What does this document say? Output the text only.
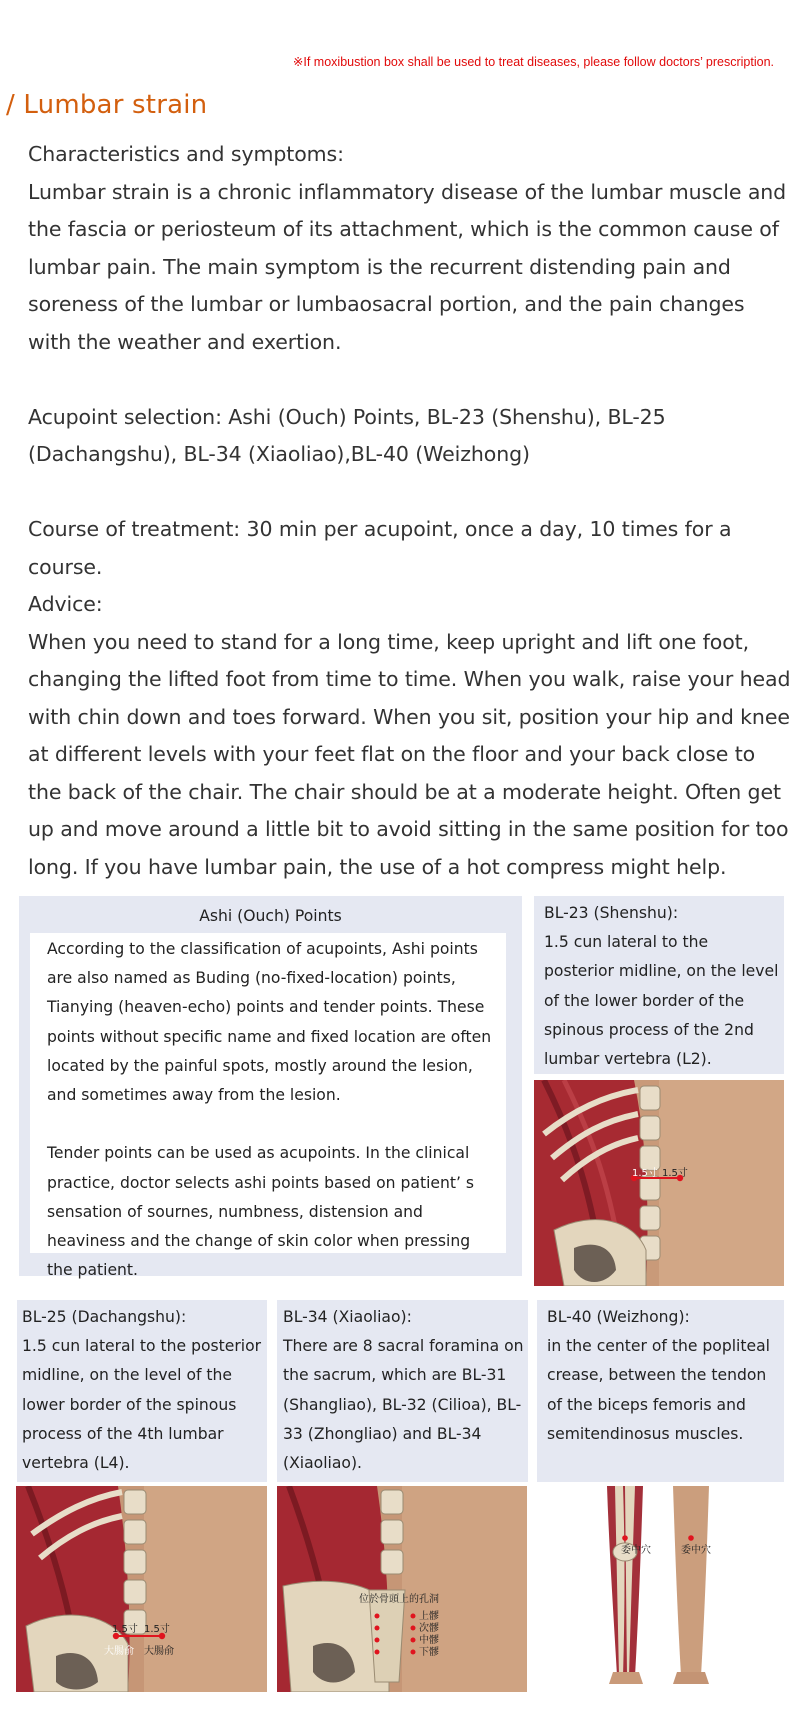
※If moxibustion box shall be used to treat diseases, please follow doctors’ prescription.
/ Lumbar strain
Characteristics and symptoms:
Lumbar strain is a chronic inflammatory disease of the lumbar muscle and the fascia or periosteum of its attachment, which is the common cause of lumbar pain. The main symptom is the recurrent distending pain and soreness of the lumbar or lumbaosacral portion, and the pain changes with the weather and exertion.
Acupoint selection: Ashi (Ouch) Points, BL-23 (Shenshu), BL-25 (Dachangshu), BL-34 (Xiaoliao),BL-40 (Weizhong)
Course of treatment: 30 min per acupoint, once a day, 10 times for a course.
Advice:
When you need to stand for a long time, keep upright and lift one foot, changing the lifted foot from time to time. When you walk, raise your head with chin down and toes forward. When you sit, position your hip and knee at different levels with your feet flat on the floor and your back close to the back of the chair. The chair should be at a moderate height. Often get up and move around a little bit to avoid sitting in the same position for too long. If you have lumbar pain, the use of a hot compress might help.
Ashi (Ouch) Points

According to the classification of acupoints, Ashi points are also named as Buding (no-fixed-location) points, Tianying (heaven-echo) points and tender points. These points without specific name and fixed location are often located by the painful spots, mostly around the lesion, and sometimes away from the lesion.

Tender points can be used as acupoints. In the clinical practice, doctor selects ashi points based on patient’ s sensation of sournes, numbness, distension and heaviness and the change of skin color when pressing the patient.

BL-23 (Shenshu):

1.5 cun lateral to the posterior midline, on the level of the lower border of the spinous process of the 2nd lumbar vertebra (L2).

1.5寸 1.5寸

BL-25 (Dachangshu):

1.5 cun lateral to the posterior midline, on the level of the lower border of the spinous process of the 4th lumbar vertebra (L4).

1.5寸 1.5寸
大腸俞 大腸俞

BL-34 (Xiaoliao):

There are 8 sacral foramina on the sacrum, which are BL-31 (Shangliao), BL-32 (Cilioa), BL-33 (Zhongliao) and BL-34 (Xiaoliao).

位於骨頭上的孔洞
上髎
次髎
中髎
下髎

BL-40 (Weizhong):

in the center of the popliteal crease, between the tendon of the biceps femoris and semitendinosus muscles.

委中穴	委中穴
